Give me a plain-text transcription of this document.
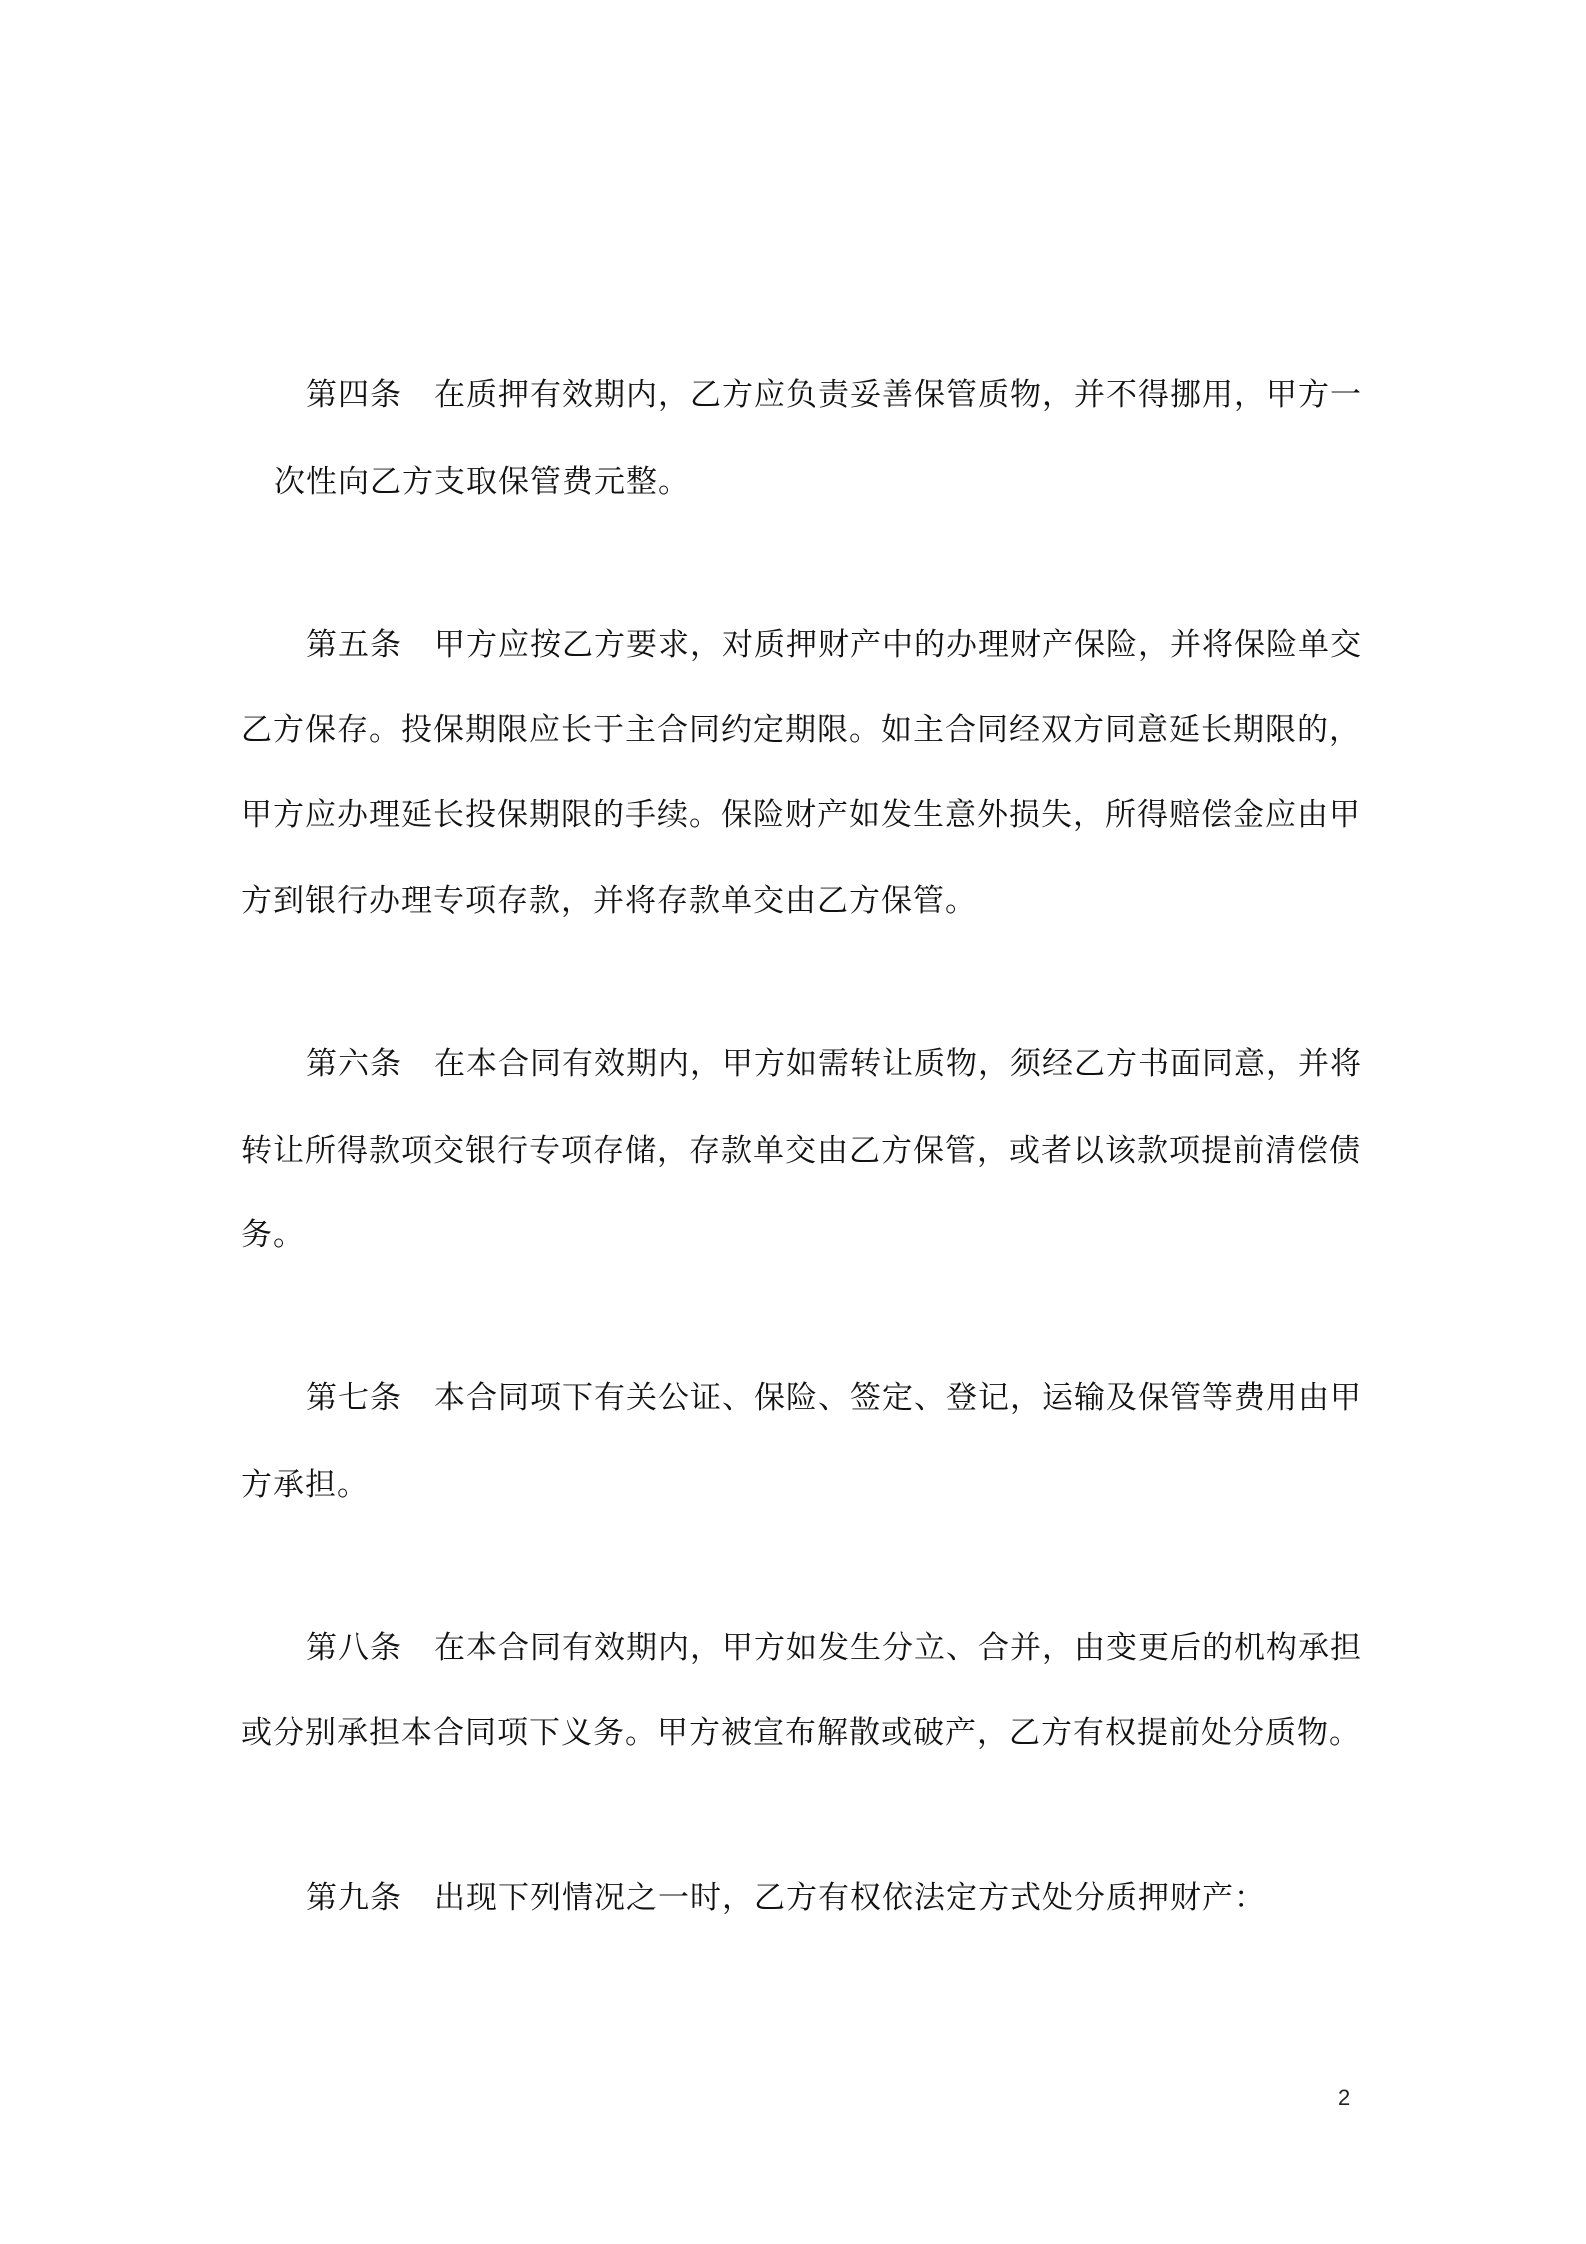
第四条 在质押有效期内，乙方应负责妥善保管质物，并不得挪用，甲方一

次性向乙方支取保管费元整。

第五条 甲方应按乙方要求，对质押财产中的办理财产保险，并将保险单交

乙方保存。投保期限应长于主合同约定期限。如主合同经双方同意延长期限的，

甲方应办理延长投保期限的手续。保险财产如发生意外损失，所得赔偿金应由甲

方到银行办理专项存款，并将存款单交由乙方保管。

第六条 在本合同有效期内，甲方如需转让质物，须经乙方书面同意，并将

转让所得款项交银行专项存储，存款单交由乙方保管，或者以该款项提前清偿债

务。

第七条 本合同项下有关公证、保险、签定、登记，运输及保管等费用由甲

方承担。

第八条 在本合同有效期内，甲方如发生分立、合并，由变更后的机构承担

或分别承担本合同项下义务。甲方被宣布解散或破产，乙方有权提前处分质物。

第九条 出现下列情况之一时，乙方有权依法定方式处分质押财产：

2
